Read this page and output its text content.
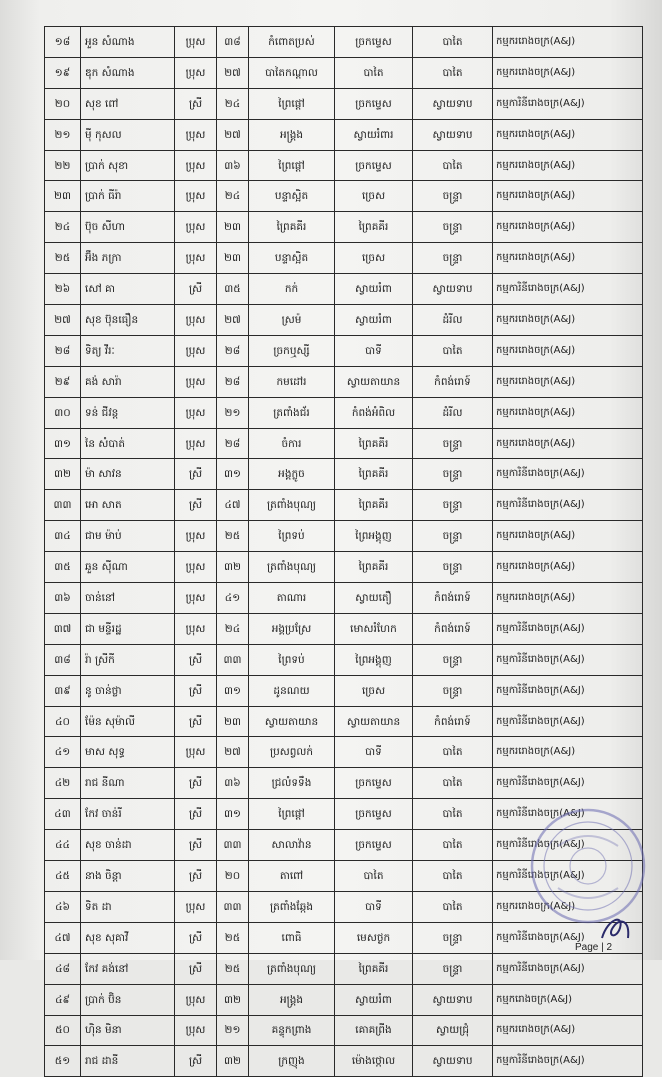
១៨	អួន សំណាង	ប្រុស	៣៨	កំពោតប្រស់	ច្រកម្ទេស	បាតៃ	កម្មកររោងចក្រ(A&J)
១៩	ឌុក សំណាង	ប្រុស	២៧	បាតៃកណ្តាល	បាតៃ	បាតៃ	កម្មកររោងចក្រ(A&J)
២០	សុខ ពៅ	ស្រី	២៤	ព្រៃផ្តៅ	ច្រកម្ទេស	ស្វាយទាប	កម្មការិនីរោងចក្រ(A&J)
២១	ម៉ី កុសល	ប្រុស	២៧	អង្គ្រង	ស្វាយរំពារ	ស្វាយទាប	កម្មកររោងចក្រ(A&J)
២២	ប្រាក់ សុខា	ប្រុស	៣៦	ព្រៃផ្តៅ	ច្រកម្ទេស	បាតៃ	កម្មកររោងចក្រ(A&J)
២៣	ប្រាក់ ធីរ៉ា	ប្រុស	២៤	បន្ទាស្អិត	ច្រេស	ចន្ទ្រា	កម្មកររោងចក្រ(A&J)
២៤	ប៊ុច សីហា	ប្រុស	២៣	ព្រៃគគីរ	ព្រៃគគីរ	ចន្ទ្រា	កម្មកររោងចក្រ(A&J)
២៥	អ៊ឹង ភក្រា	ប្រុស	២៣	បន្ទាស្អិត	ច្រេស	ចន្ទ្រា	កម្មកររោងចក្រ(A&J)
២៦	សៅ គា	ស្រី	៣៥	កក់	ស្វាយរំពា	ស្វាយទាប	កម្មការិនីរោងចក្រ(A&J)
២៧	សុខ ប៊ុនធឿន	ប្រុស	២៧	ស្រម៉	ស្វាយរំពា	ដំរីល	កម្មកររោងចក្រ(A&J)
២៨	ទិត្យ វីរៈ	ប្រុស	២៨	ច្រកឬស្សី	បាទី	បាតៃ	កម្មកររោងចក្រ(A&J)
២៩	គង់ សារ៉ា	ប្រុស	២៨	កមដៅរ	ស្វាយតាយាន	កំពង់រោទ៍	កម្មកររោងចក្រ(A&J)
៣០	ទន់ ជីវន្ត	ប្រុស	២១	ត្រពាំងជ័រ	កំពង់អំពិល	ដំរីល	កម្មកររោងចក្រ(A&J)
៣១	នៃ សំបាត់	ប្រុស	២៨	ចំការ	ព្រៃគគីរ	ចន្ទ្រា	កម្មកររោងចក្រ(A&J)
៣២	ម៉ា សាវន	ស្រី	៣១	អង្គក្លូច	ព្រៃគគីរ	ចន្ទ្រា	កម្មការិនីរោងចក្រ(A&J)
៣៣	អោ សាត	ស្រី	៤៧	ត្រពាំងបុណ្យ	ព្រៃគគីរ	ចន្ទ្រា	កម្មការិនីរោងចក្រ(A&J)
៣៤	ជាម ម៉ាប់	ប្រុស	២៥	ព្រៃទប់	ព្រៃអង្គុញ	ចន្ទ្រា	កម្មកររោងចក្រ(A&J)
៣៥	ឆួន ស៊ីណា	ប្រុស	៣២	ត្រពាំងបុណ្យ	ព្រៃគគីរ	ចន្ទ្រា	កម្មកររោងចក្រ(A&J)
៣៦	ចាន់នៅ	ប្រុស	៤១	តាណារ	ស្វាយតឿ	កំពង់រោទ៍	កម្មកររោងចក្រ(A&J)
៣៧	ជា មន្ទីរដ្ឋ	ប្រុស	២៤	អង្គប្រស្រែ	មោសរំហែក	កំពង់រោទ៍	កម្មការិនីរោងចក្រ(A&J)
៣៨	រ៉ា ស្រីកី	ស្រី	៣៣	ព្រៃទប់	ព្រៃអង្គុញ	ចន្ទ្រា	កម្មការិនីរោងចក្រ(A&J)
៣៩	នូ ចាន់ថ្លា	ស្រី	៣១	ដូនណយ	ច្រេស	ចន្ទ្រា	កម្មការិនីរោងចក្រ(A&J)
៤០	ម៉ែន សុម៉ាលី	ស្រី	២៣	ស្វាយតាយាន	ស្វាយតាយាន	កំពង់រោទ៍	កម្មការិនីរោងចក្រ(A&J)
៤១	មាស សុទ្ធ	ប្រុស	២៧	ប្រសព្វលក់	បាទី	បាតៃ	កម្មកររោងចក្រ(A&J)
៤២	រាជ នីណា	ស្រី	៣៦	ជ្រលំទទឹង	ច្រកម្ទេស	បាតៃ	កម្មការិនីរោងចក្រ(A&J)
៤៣	កែវ ចាន់រី	ស្រី	៣១	ព្រៃផ្តៅ	ច្រកម្ទេស	បាតៃ	កម្មការិនីរោងចក្រ(A&J)
៤៤	សុខ ចាន់ដា	ស្រី	៣៣	សាលាវ៉ាន	ច្រកម្ទេស	បាតៃ	កម្មការិនីរោងចក្រ(A&J)
៤៥	នាង ចិន្តា	ស្រី	២០	តាពៅ	បាតៃ	បាតៃ	កម្មការិនីរោងចក្រ(A&J)
៤៦	ទិត ដា	ប្រុស	៣៣	ត្រពាំងឆ្កែង	បាទី	បាតៃ	កម្មកររោងចក្រ(A&J)
៤៧	សុខ សុគាវី	ស្រី	២៥	ពោធិ	មេសថ្ងក	ចន្ទ្រា	កម្មការិនីរោងចក្រ(A&J)
៤៨	កែវ គង់នៅ	ស្រី	២៥	ត្រពាំងបុណ្យ	ព្រៃគគីរ	ចន្ទ្រា	កម្មការិនីរោងចក្រ(A&J)
៤៩	ប្រាក់ ប៊ិន	ប្រុស	៣២	អង្គ្រង	ស្វាយរំពា	ស្វាយទាប	កម្មករោងចក្រ(A&J)
៥០	ហ៊ិន មិនា	ប្រុស	២១	គន្ទុកព្រាង	គោគព្រីង	ស្វាយជ្រុំ	កម្មកររោងចក្រ(A&J)
៥១	រាជ ដានី	ស្រី	៣២	ក្រញុង	ម៉ោងថ្កោល	ស្វាយទាប	កម្មការិនីរោងចក្រ(A&J)
Page | 2
